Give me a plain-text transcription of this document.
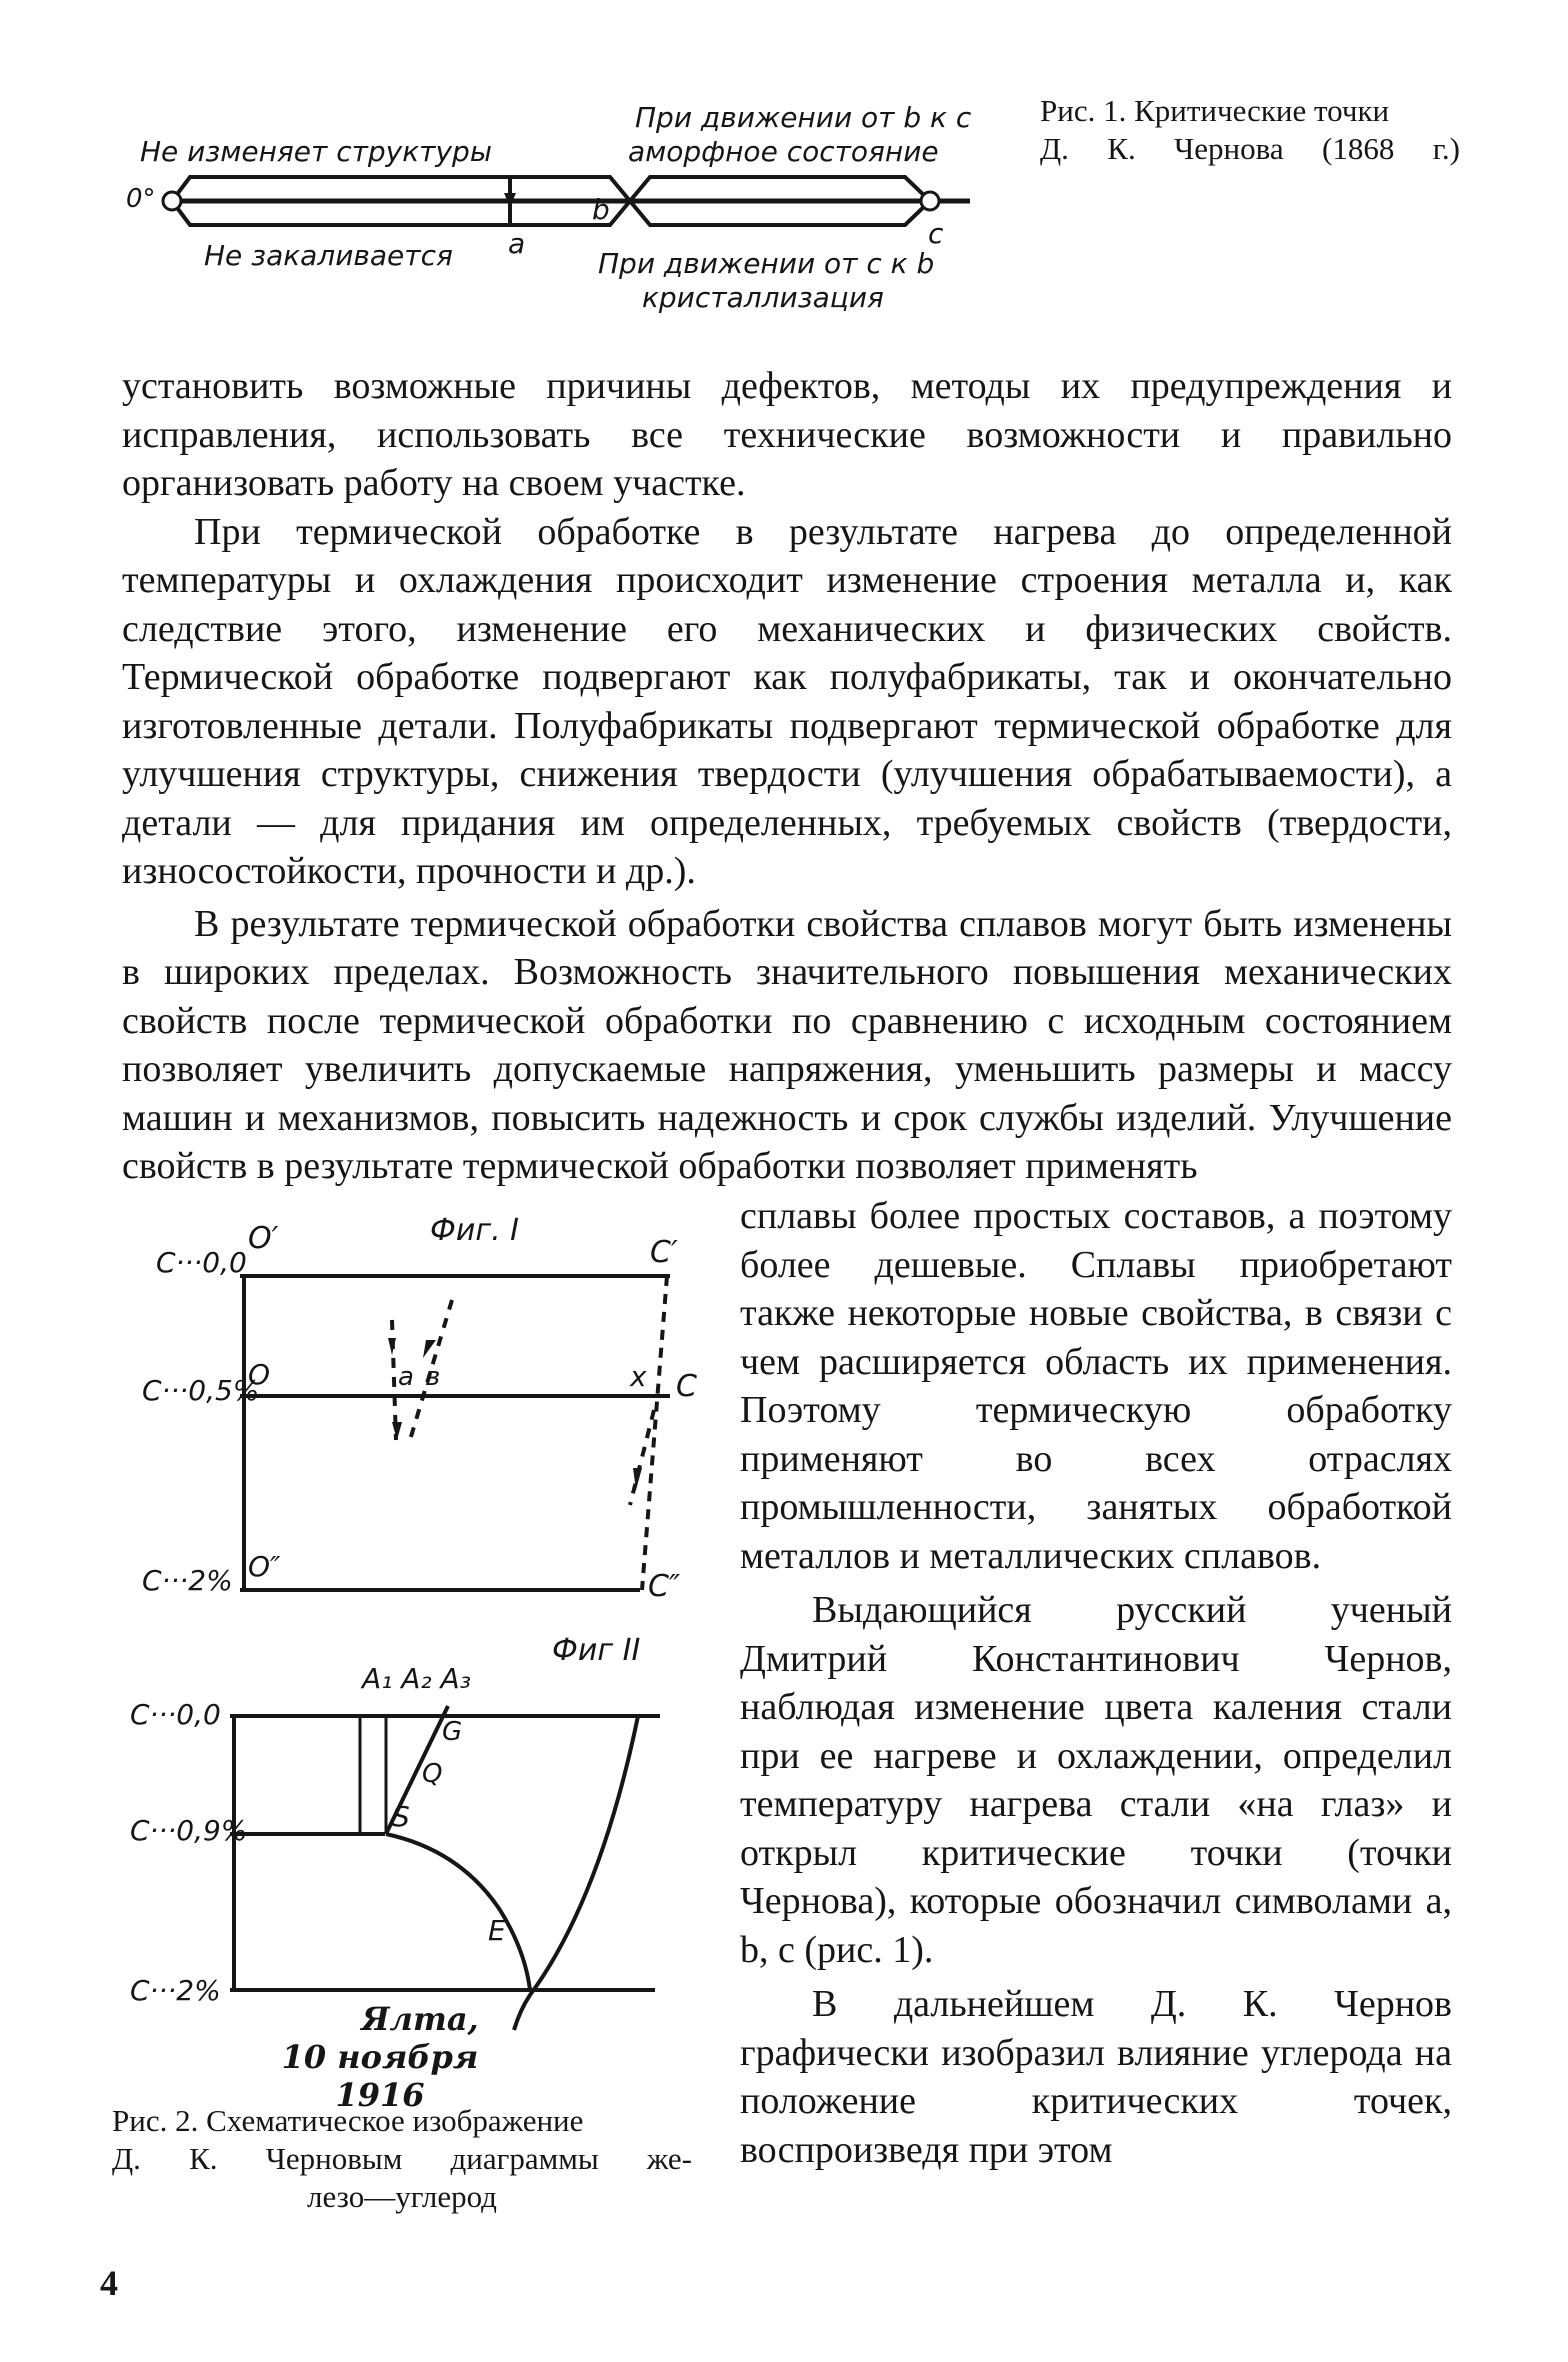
При движении от b к с
Не изменяет структуры	аморфное состояние
0°
a
b
c
Не закаливается	При движении от с к b
кристаллизация
Рис. 1. Критические точки
Д. К. Чернова (1868 г.)

установить возможные причины дефектов, методы их предупреждения и исправления, использовать все технические возможности и правильно организовать работу на своем участке.

При термической обработке в результате нагрева до определенной температуры и охлаждения происходит изменение строения металла и, как следствие этого, изменение его механических и физических свойств. Термической обработке подвергают как полуфабрикаты, так и окончательно изготовленные детали. Полуфабрикаты подвергают термической обработке для улучшения структуры, снижения твердости (улучшения обрабатываемости), а детали — для придания им определенных, требуемых свойств (твердости, износостойкости, прочности и др.).

В результате термической обработки свойства сплавов могут быть изменены в широких пределах. Возможность значительного повышения механических свойств после термической обработки по сравнению с исходным состоянием позволяет увеличить допускаемые напряжения, уменьшить размеры и массу машин и механизмов, повысить надежность и срок службы изделий. Улучшение свойств в результате термической обработки позволяет применять

сплавы более простых составов, а поэтому более дешевые. Сплавы приобретают также некоторые новые свойства, в связи с чем расширяется область их применения. Поэтому термическую обработку применяют во всех отраслях промышленности, занятых обработкой металлов и металлических сплавов.

Выдающийся русский ученый Дмитрий Константинович Чернов, наблюдая изменение цвета каления стали при ее нагреве и охлаждении, определил температуру нагрева стали «на глаз» и открыл критические точки (точки Чернова), которые обозначил символами a, b, c (рис. 1).

В дальнейшем Д. К. Чернов графически изобразил влияние углерода на положение критических точек, воспроизведя при этом

Фиг. I
C···0,0
C···0,5%
C···2%
O′	C′
O	C
O″
C″
a в	x
Фиг II
A₁ A₂ A₃
C···0,0
C···0,9%
C···2%
G
Q
S
E
Ялта,
10 ноября 1916
Рис. 2. Схематическое изображение
Д. К. Черновым диаграммы же-
лезо—углерод
4
